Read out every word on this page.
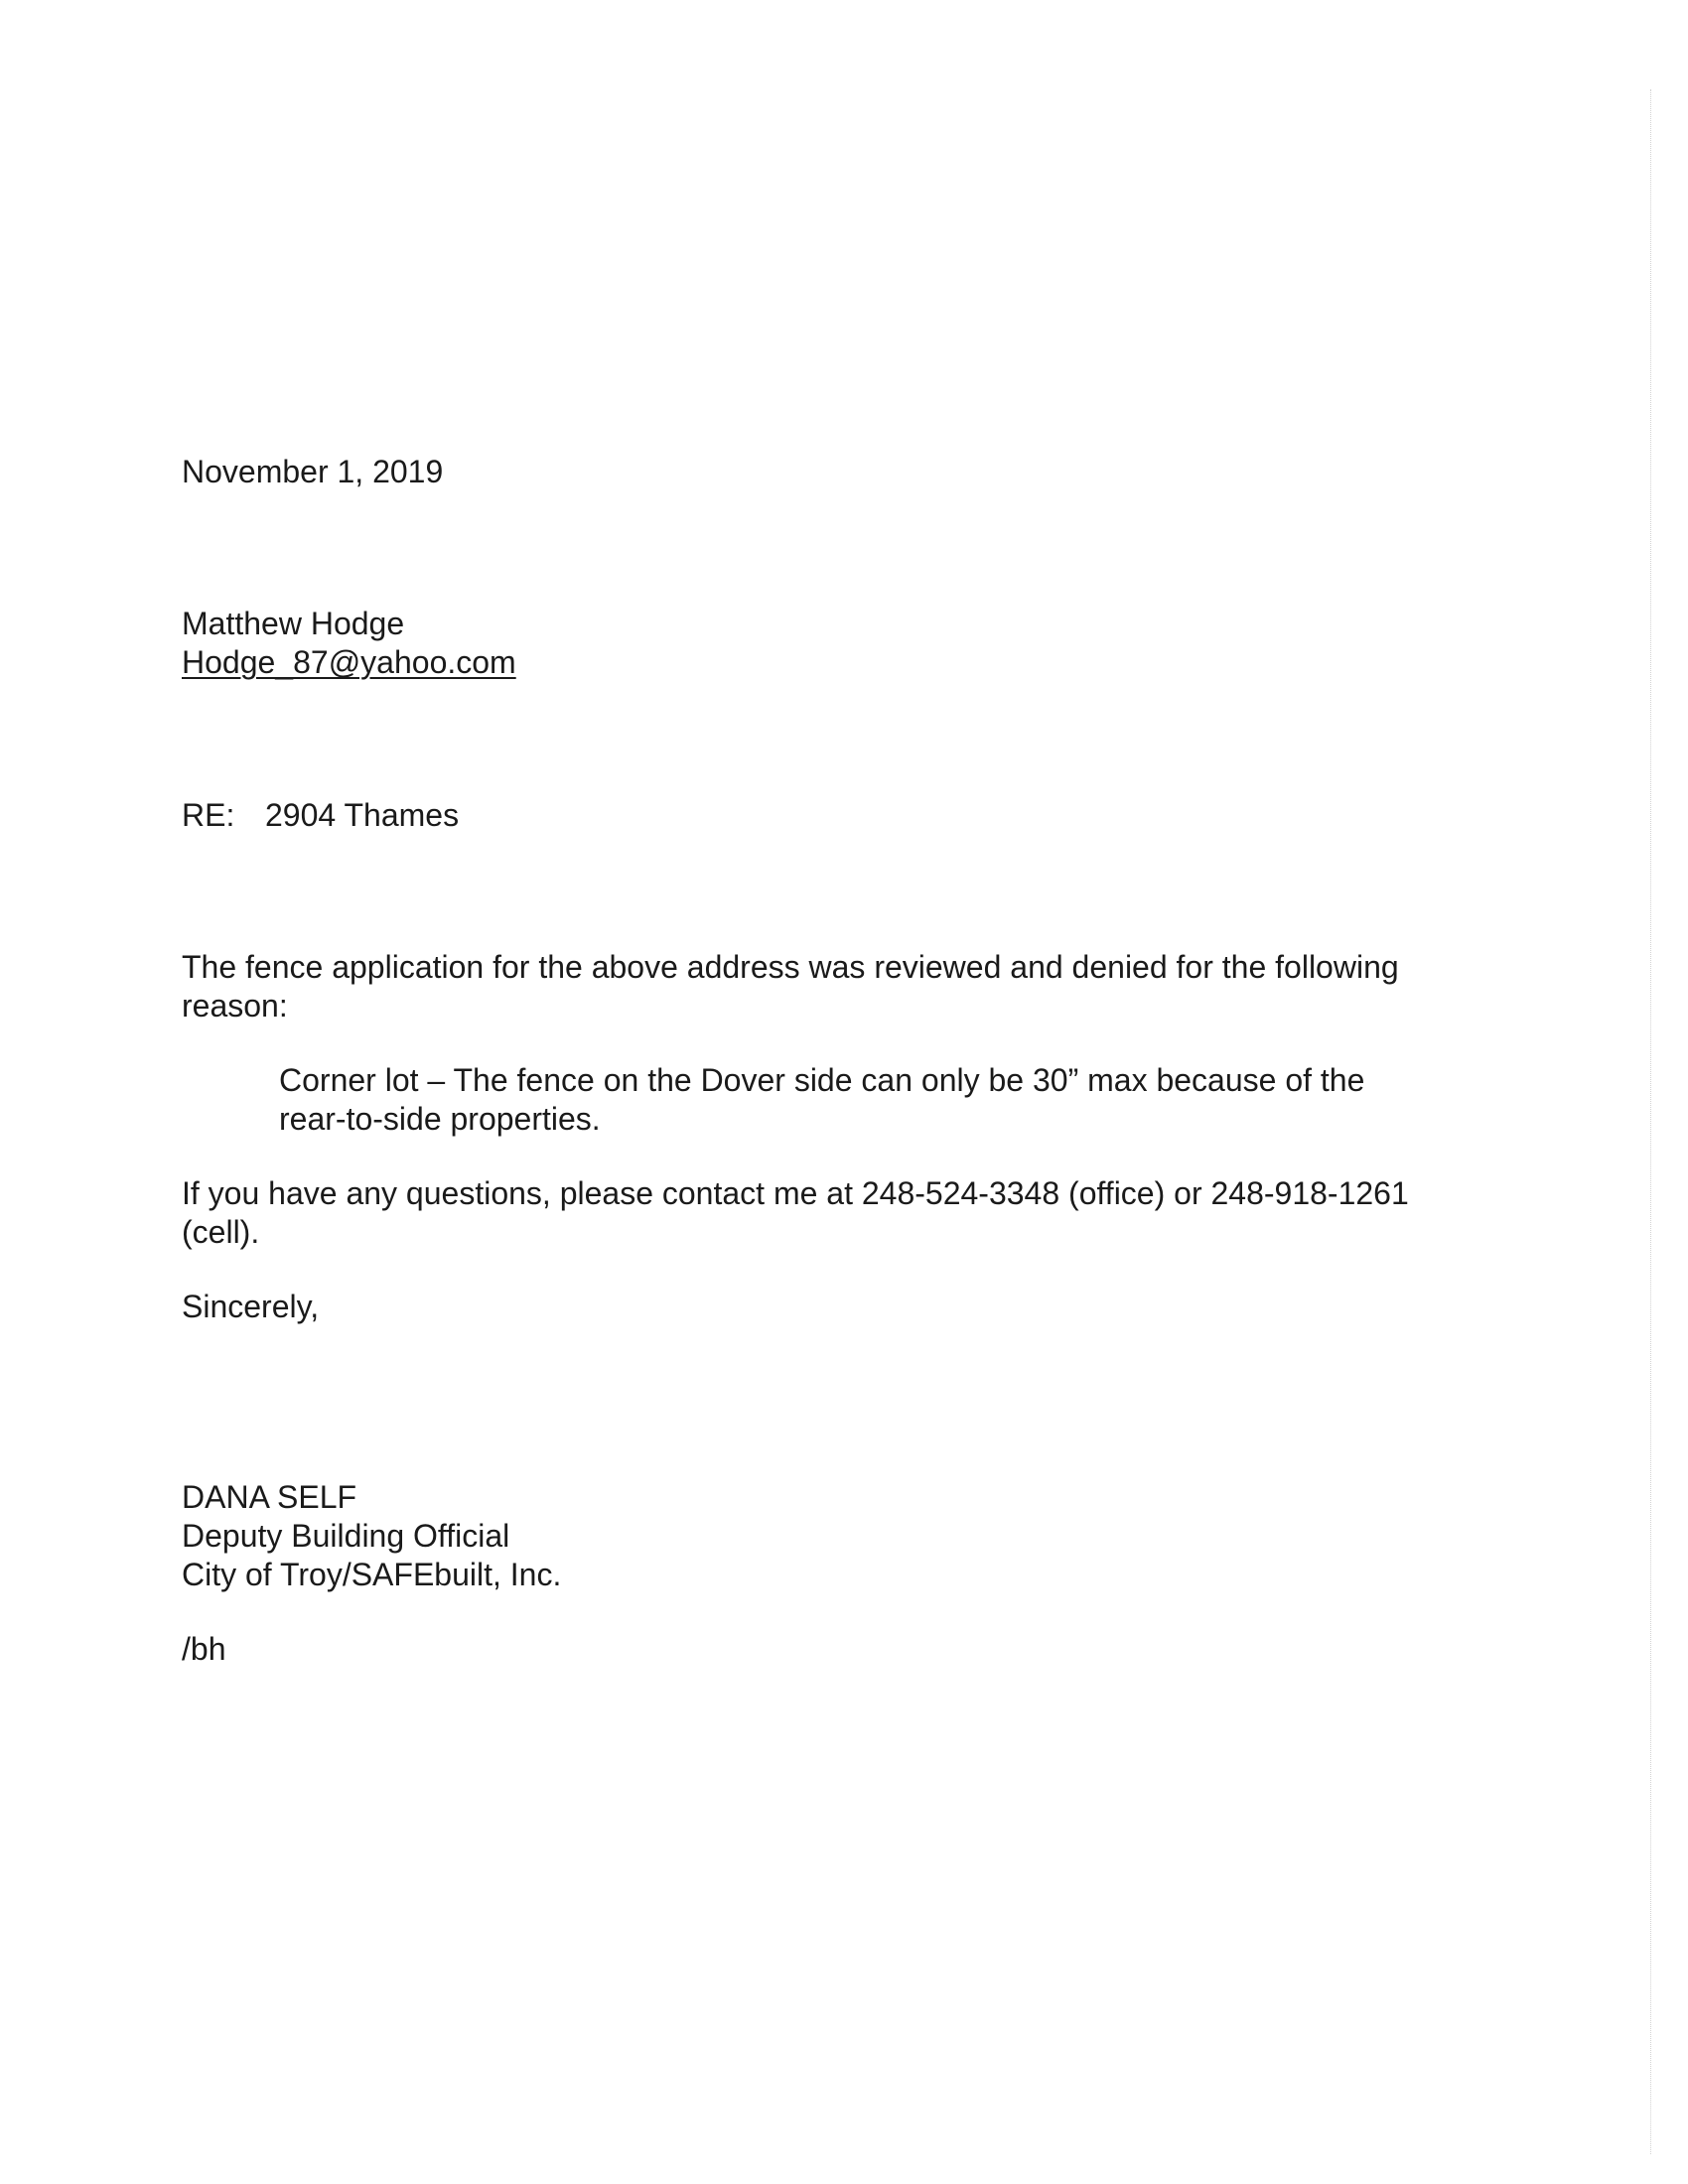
November 1, 2019
Matthew Hodge
Hodge_87@yahoo.com
RE: 2904 Thames
The fence application for the above address was reviewed and denied for the following reason:
Corner lot – The fence on the Dover side can only be 30” max because of the rear-to-side properties.
If you have any questions, please contact me at 248-524-3348 (office) or 248-918-1261 (cell).
Sincerely,
DANA SELF
Deputy Building Official
City of Troy/SAFEbuilt, Inc.
/bh
